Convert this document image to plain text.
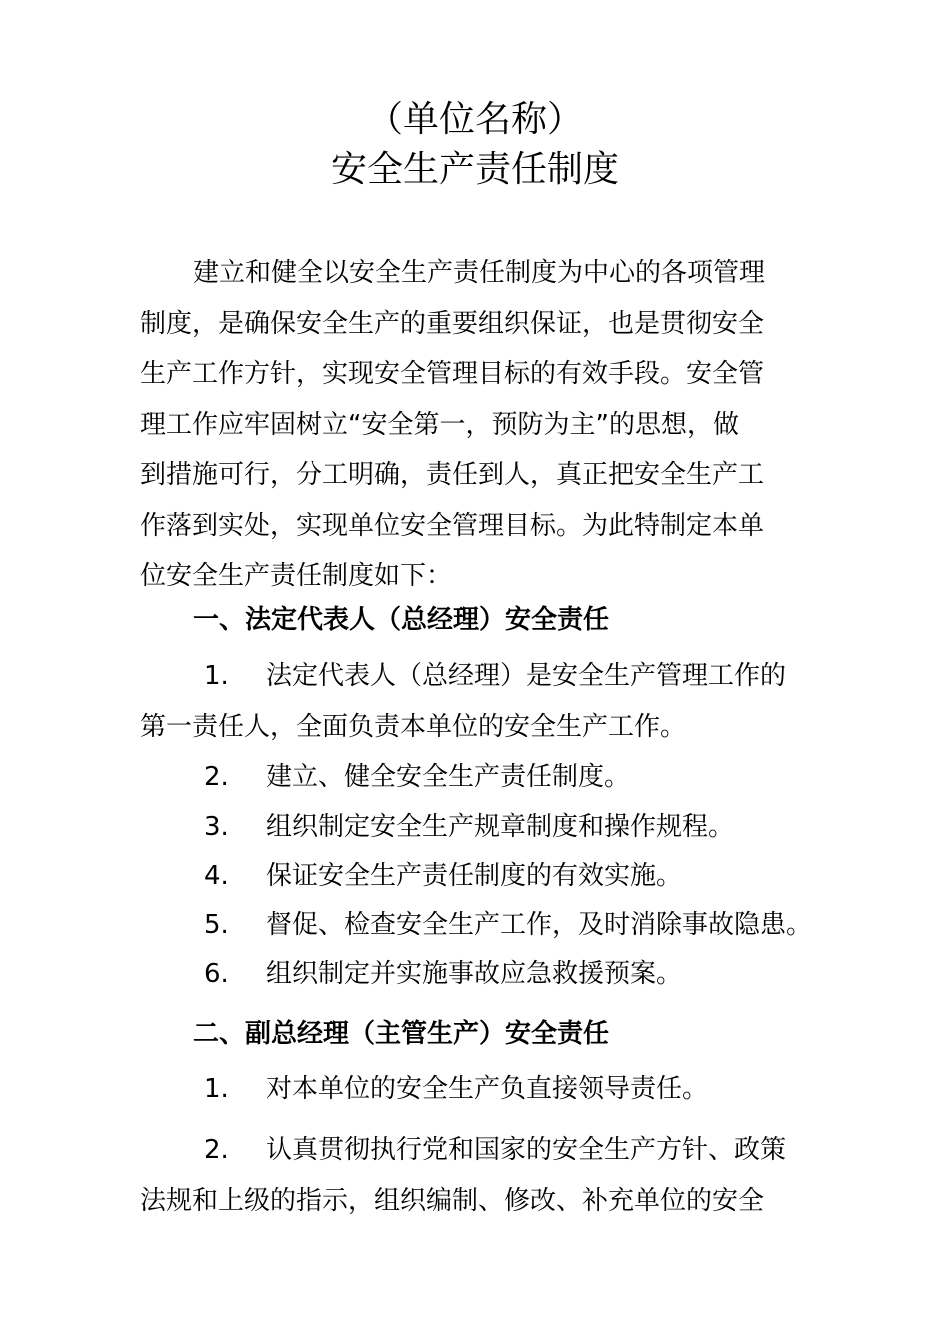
（单位名称）
安全生产责任制度
建立和健全以安全生产责任制度为中心的各项管理
制度，是确保安全生产的重要组织保证，也是贯彻安全
生产工作方针，实现安全管理目标的有效手段。安全管
理工作应牢固树立“安全第一，预防为主”的思想，做
到措施可行，分工明确，责任到人，真正把安全生产工
作落到实处，实现单位安全管理目标。为此特制定本单
位安全生产责任制度如下：
一、法定代表人（总经理）安全责任
1. 法定代表人（总经理）是安全生产管理工作的
第一责任人，全面负责本单位的安全生产工作。
2. 建立、健全安全生产责任制度。
3. 组织制定安全生产规章制度和操作规程。
4. 保证安全生产责任制度的有效实施。
5. 督促、检查安全生产工作，及时消除事故隐患。
6. 组织制定并实施事故应急救援预案。
二、副总经理（主管生产）安全责任
1. 对本单位的安全生产负直接领导责任。
2. 认真贯彻执行党和国家的安全生产方针、政策
法规和上级的指示，组织编制、修改、补充单位的安全
